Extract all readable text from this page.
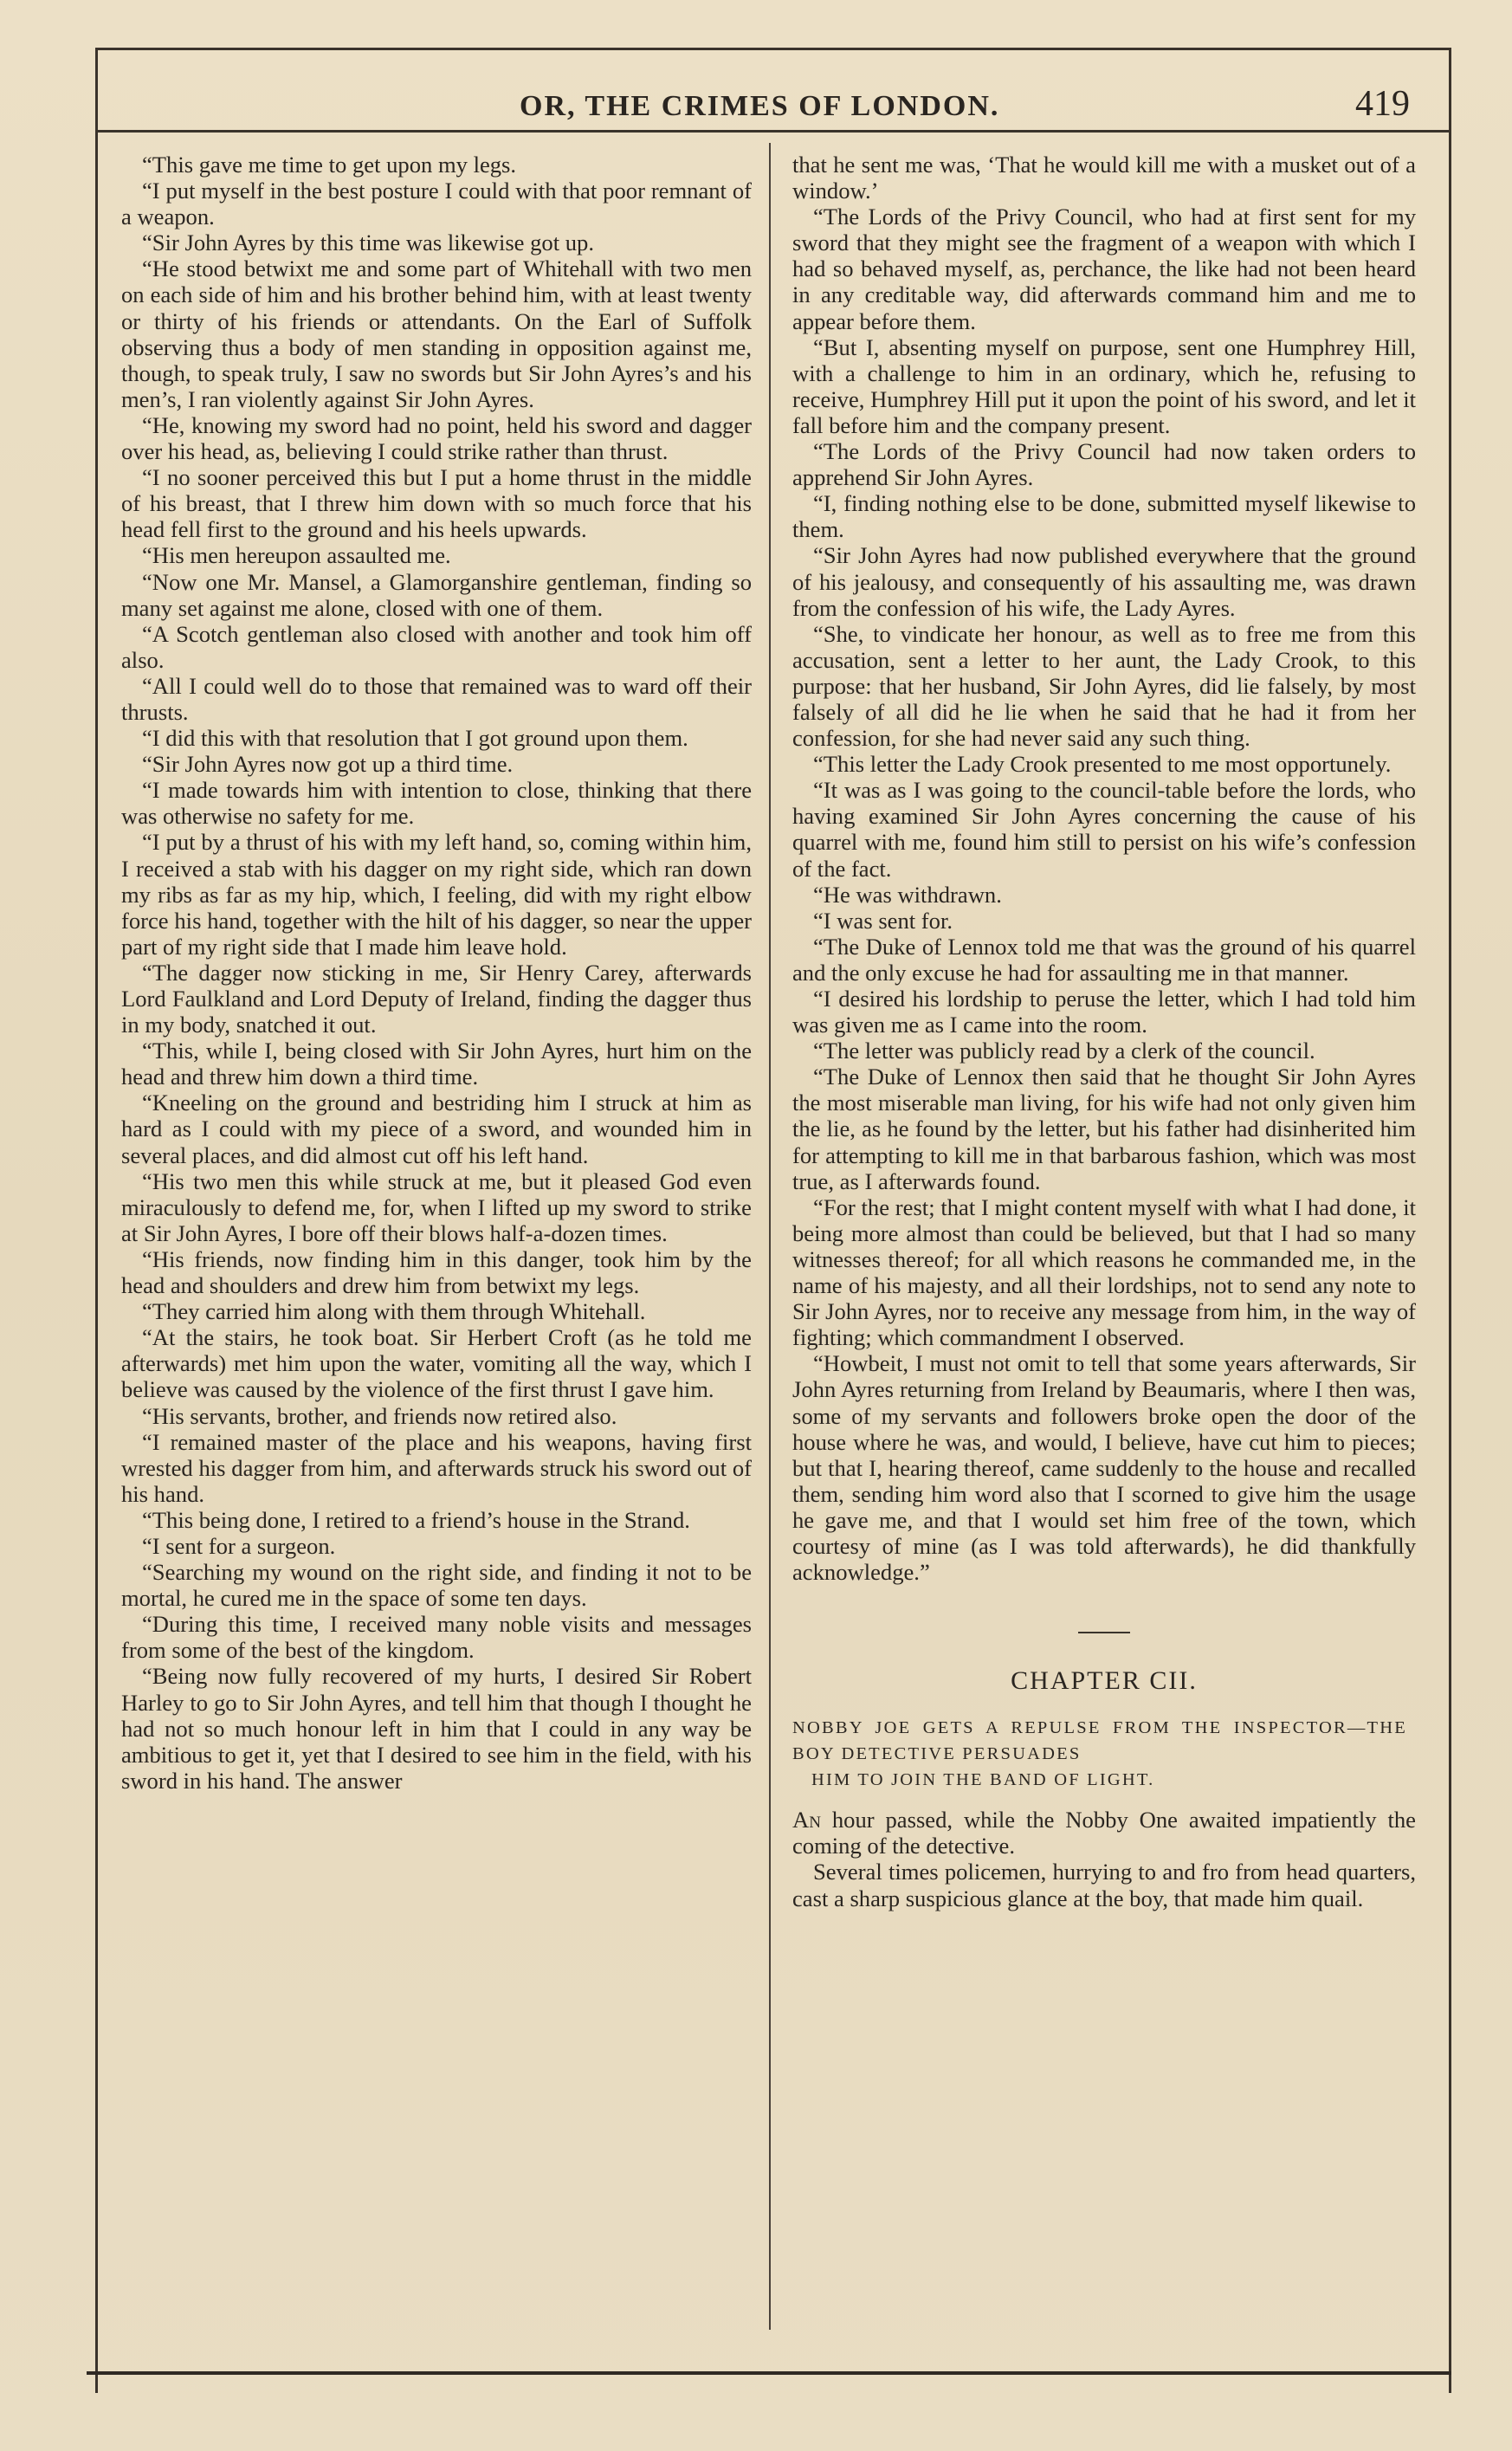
OR, THE CRIMES OF LONDON.	419

“This gave me time to get upon my legs.

“I put myself in the best posture I could with that poor remnant of a weapon.

“Sir John Ayres by this time was likewise got up.

“He stood betwixt me and some part of Whitehall with two men on each side of him and his brother behind him, with at least twenty or thirty of his friends or attendants. On the Earl of Suffolk observing thus a body of men standing in opposition against me, though, to speak truly, I saw no swords but Sir John Ayres’s and his men’s, I ran violently against Sir John Ayres.

“He, knowing my sword had no point, held his sword and dagger over his head, as, believing I could strike rather than thrust.

“I no sooner perceived this but I put a home thrust in the middle of his breast, that I threw him down with so much force that his head fell first to the ground and his heels upwards.

“His men hereupon assaulted me.

“Now one Mr. Mansel, a Glamorganshire gentleman, finding so many set against me alone, closed with one of them.

“A Scotch gentleman also closed with another and took him off also.

“All I could well do to those that remained was to ward off their thrusts.

“I did this with that resolution that I got ground upon them.

“Sir John Ayres now got up a third time.

“I made towards him with intention to close, thinking that there was otherwise no safety for me.

“I put by a thrust of his with my left hand, so, coming within him, I received a stab with his dagger on my right side, which ran down my ribs as far as my hip, which, I feeling, did with my right elbow force his hand, together with the hilt of his dagger, so near the upper part of my right side that I made him leave hold.

“The dagger now sticking in me, Sir Henry Carey, afterwards Lord Faulkland and Lord Deputy of Ireland, finding the dagger thus in my body, snatched it out.

“This, while I, being closed with Sir John Ayres, hurt him on the head and threw him down a third time.

“Kneeling on the ground and bestriding him I struck at him as hard as I could with my piece of a sword, and wounded him in several places, and did almost cut off his left hand.

“His two men this while struck at me, but it pleased God even miraculously to defend me, for, when I lifted up my sword to strike at Sir John Ayres, I bore off their blows half-a-dozen times.

“His friends, now finding him in this danger, took him by the head and shoulders and drew him from betwixt my legs.

“They carried him along with them through Whitehall.

“At the stairs, he took boat. Sir Herbert Croft (as he told me afterwards) met him upon the water, vomiting all the way, which I believe was caused by the violence of the first thrust I gave him.

“His servants, brother, and friends now retired also.

“I remained master of the place and his weapons, having first wrested his dagger from him, and afterwards struck his sword out of his hand.

“This being done, I retired to a friend’s house in the Strand.

“I sent for a surgeon.

“Searching my wound on the right side, and finding it not to be mortal, he cured me in the space of some ten days.

“During this time, I received many noble visits and messages from some of the best of the kingdom.

“Being now fully recovered of my hurts, I desired Sir Robert Harley to go to Sir John Ayres, and tell him that though I thought he had not so much honour left in him that I could in any way be ambitious to get it, yet that I desired to see him in the field, with his sword in his hand. The answer

that he sent me was, ‘That he would kill me with a musket out of a window.’

“The Lords of the Privy Council, who had at first sent for my sword that they might see the fragment of a weapon with which I had so behaved myself, as, perchance, the like had not been heard in any creditable way, did afterwards command him and me to appear before them.

“But I, absenting myself on purpose, sent one Humphrey Hill, with a challenge to him in an ordinary, which he, refusing to receive, Humphrey Hill put it upon the point of his sword, and let it fall before him and the company present.

“The Lords of the Privy Council had now taken orders to apprehend Sir John Ayres.

“I, finding nothing else to be done, submitted myself likewise to them.

“Sir John Ayres had now published everywhere that the ground of his jealousy, and consequently of his assaulting me, was drawn from the confession of his wife, the Lady Ayres.

“She, to vindicate her honour, as well as to free me from this accusation, sent a letter to her aunt, the Lady Crook, to this purpose: that her husband, Sir John Ayres, did lie falsely, by most falsely of all did he lie when he said that he had it from her confession, for she had never said any such thing.

“This letter the Lady Crook presented to me most opportunely.

“It was as I was going to the council-table before the lords, who having examined Sir John Ayres concerning the cause of his quarrel with me, found him still to persist on his wife’s confession of the fact.

“He was withdrawn.

“I was sent for.

“The Duke of Lennox told me that was the ground of his quarrel and the only excuse he had for assaulting me in that manner.

“I desired his lordship to peruse the letter, which I had told him was given me as I came into the room.

“The letter was publicly read by a clerk of the council.

“The Duke of Lennox then said that he thought Sir John Ayres the most miserable man living, for his wife had not only given him the lie, as he found by the letter, but his father had disinherited him for attempting to kill me in that barbarous fashion, which was most true, as I afterwards found.

“For the rest; that I might content myself with what I had done, it being more almost than could be believed, but that I had so many witnesses thereof; for all which reasons he commanded me, in the name of his majesty, and all their lordships, not to send any note to Sir John Ayres, nor to receive any message from him, in the way of fighting; which commandment I observed.

“Howbeit, I must not omit to tell that some years afterwards, Sir John Ayres returning from Ireland by Beaumaris, where I then was, some of my servants and followers broke open the door of the house where he was, and would, I believe, have cut him to pieces; but that I, hearing thereof, came suddenly to the house and recalled them, sending him word also that I scorned to give him the usage he gave me, and that I would set him free of the town, which courtesy of mine (as I was told afterwards), he did thankfully acknowledge.”

CHAPTER CII.
NOBBY JOE GETS A REPULSE FROM THE INSPECTOR—THE BOY DETECTIVE PERSUADES
HIM TO JOIN THE BAND OF LIGHT.

An hour passed, while the Nobby One awaited impatiently the coming of the detective.

Several times policemen, hurrying to and fro from head quarters, cast a sharp suspicious glance at the boy, that made him quail.
